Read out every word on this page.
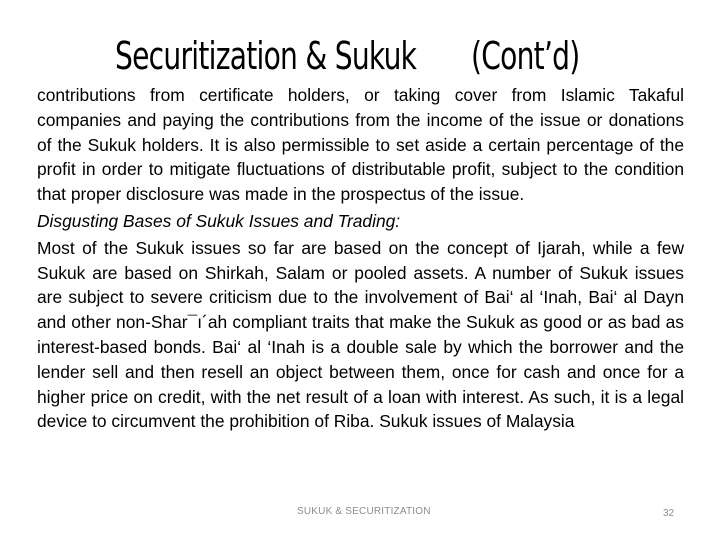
Securitization & Sukuk (Cont’d)

contributions from certificate holders, or taking cover from Islamic Takaful companies and paying the contributions from the income of the issue or donations of the Sukuk holders. It is also permissible to set aside a certain percentage of the profit in order to mitigate fluctuations of distributable profit, subject to the condition that proper disclosure was made in the prospectus of the issue.

Disgusting Bases of Sukuk Issues and Trading:

Most of the Sukuk issues so far are based on the concept of Ijarah, while a few Sukuk are based on Shirkah, Salam or pooled assets. A number of Sukuk issues are subject to severe criticism due to the involvement of Bai‘ al ‘Inah, Bai‘ al Dayn and other non-Shar¯ı´ah compliant traits that make the Sukuk as good or as bad as interest-based bonds. Bai‘ al ‘Inah is a double sale by which the borrower and the lender sell and then resell an object between them, once for cash and once for a higher price on credit, with the net result of a loan with interest. As such, it is a legal device to circumvent the prohibition of Riba. Sukuk issues of Malaysia

SUKUK & SECURITIZATION	32
